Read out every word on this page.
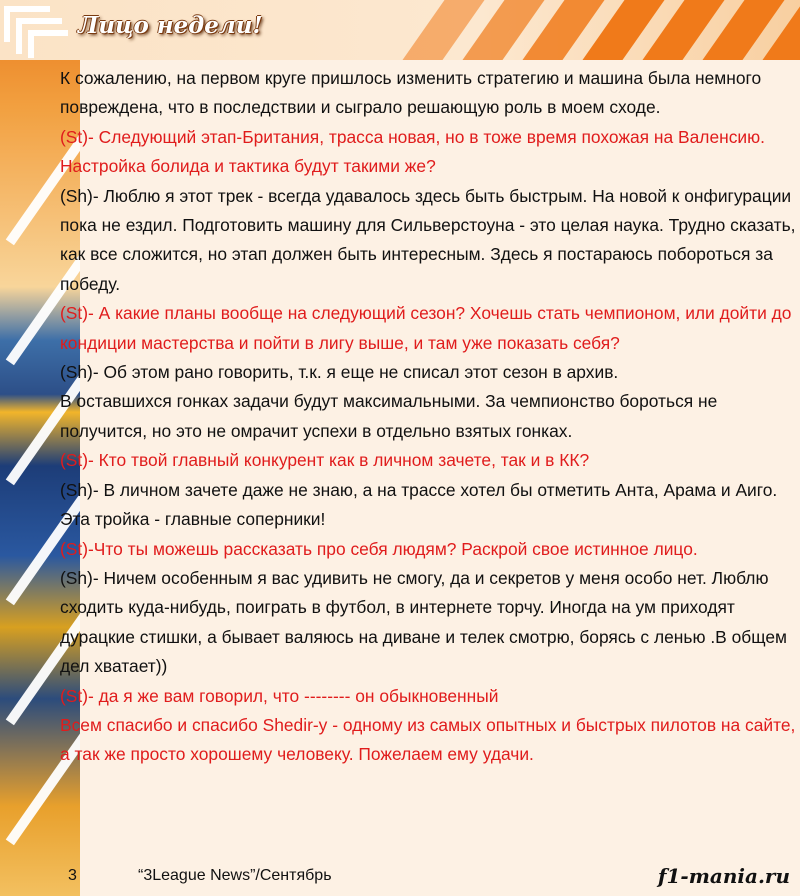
Лицо недели!

К сожалению, на первом круге пришлось изменить стратегию и машина была немного повреждена, что в последствии и сыграло решающую роль в моем сходе.

(St)- Следующий этап-Британия, трасса новая, но в тоже время похожая на Валенсию. Настройка болида и тактика будут такими же?

(Sh)- Люблю я этот трек - всегда удавалось здесь быть быстрым. На новой к онфигурации пока не ездил. Подготовить машину для Сильверстоуна - это целая наука. Трудно сказать, как все сложится, но этап должен быть интересным. Здесь я постараюсь побороться за победу.

(St)- А какие планы вообще на следующий сезон? Хочешь стать чемпионом, или дойти до кондиции мастерства и пойти в лигу выше, и там уже показать себя?

(Sh)- Об этом рано говорить, т.к. я еще не списал этот сезон в архив.

В оставшихся гонках задачи будут максимальными. За чемпионство бороться не получится, но это не омрачит успехи в отдельно взятых гонках.

(St)- Кто твой главный конкурент как в личном зачете, так и в КК?

(Sh)- В личном зачете даже не знаю, а на трассе хотел бы отметить Анта, Арама и Аиго. Эта тройка - главные соперники!

(St)-Что ты можешь рассказать про себя людям? Раскрой свое истинное лицо.

(Sh)- Ничем особенным я вас удивить не смогу, да и секретов у меня особо нет. Люблю сходить куда-нибудь, поиграть в футбол, в интернете торчу. Иногда на ум приходят дурацкие стишки, а бывает валяюсь на диване и телек смотрю, борясь с ленью .В общем дел хватает))

(St)- да я же вам говорил, что -------- он обыкновенный

Всем спасибо и спасибо Shedir-у - одному из самых опытных и быстрых пилотов на сайте, а так же просто хорошему человеку. Пожелаем ему удачи.

3	“3League News”/Сентябрь	f1-mania.ru
